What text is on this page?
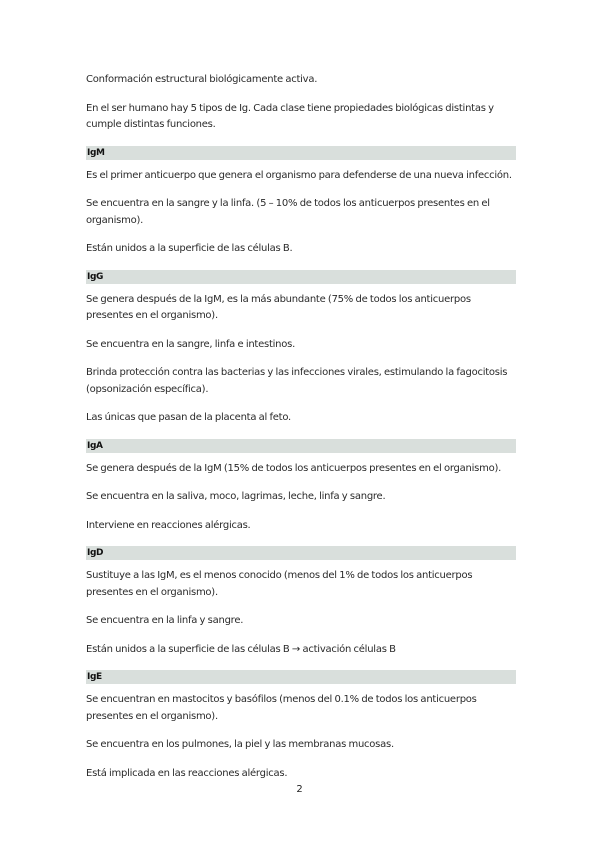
Conformación estructural biológicamente activa.

En el ser humano hay 5 tipos de Ig. Cada clase tiene propiedades biológicas distintas y cumple distintas funciones.

IgM

Es el primer anticuerpo que genera el organismo para defenderse de una nueva infección.

Se encuentra en la sangre y la linfa. (5 – 10% de todos los anticuerpos presentes en el organismo).

Están unidos a la superficie de las células B.

IgG

Se genera después de la IgM, es la más abundante (75% de todos los anticuerpos presentes en el organismo).

Se encuentra en la sangre, linfa e intestinos.

Brinda protección contra las bacterias y las infecciones virales, estimulando la fagocitosis (opsonización específica).

Las únicas que pasan de la placenta al feto.

IgA

Se genera después de la IgM (15% de todos los anticuerpos presentes en el organismo).

Se encuentra en la saliva, moco, lagrimas, leche, linfa y sangre.

Interviene en reacciones alérgicas.

IgD

Sustituye a las IgM, es el menos conocido (menos del 1% de todos los anticuerpos presentes en el organismo).

Se encuentra en la linfa y sangre.

Están unidos a la superficie de las células B → activación células B

IgE

Se encuentran en mastocitos y basófilos (menos del 0.1% de todos los anticuerpos presentes en el organismo).

Se encuentra en los pulmones, la piel y las membranas mucosas.

Está implicada en las reacciones alérgicas.

2
